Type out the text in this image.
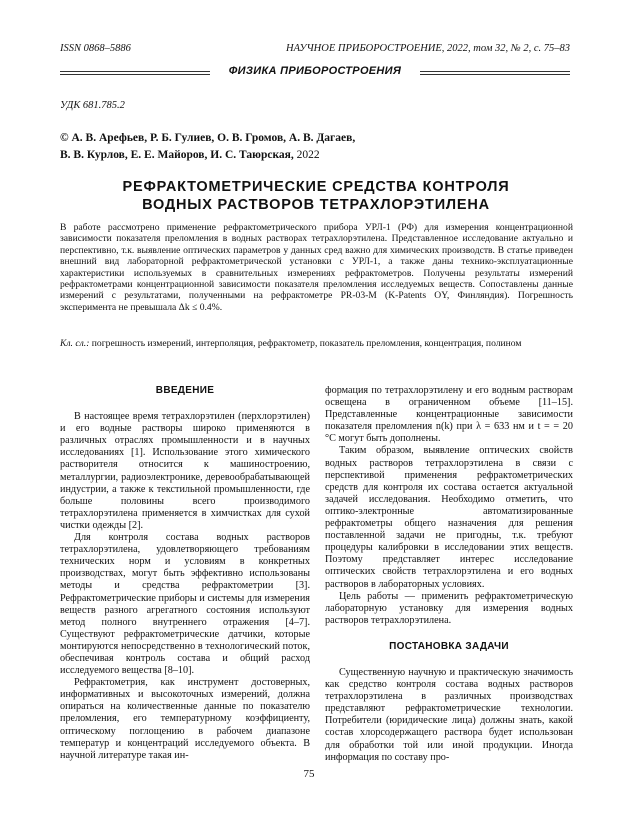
ISSN 0868–5886	НАУЧНОЕ ПРИБОРОСТРОЕНИЕ, 2022, том 32, № 2, с. 75–83
ФИЗИКА ПРИБОРОСТРОЕНИЯ
УДК 681.785.2
© А. В. Арефьев, Р. Б. Гулиев, О. В. Громов, А. В. Дагаев,
В. В. Курлов, Е. Е. Майоров, И. С. Таюрская, 2022
РЕФРАКТОМЕТРИЧЕСКИЕ СРЕДСТВА КОНТРОЛЯ
ВОДНЫХ РАСТВОРОВ ТЕТРАХЛОРЭТИЛЕНА
В работе рассмотрено применение рефрактометрического прибора УРЛ-1 (РФ) для измерения концентрационной зависимости показателя преломления в водных растворах тетрахлорэтилена. Представленное исследование актуально и перспективно, т.к. выявление оптических параметров у данных сред важно для химических производств. В статье приведен внешний вид лабораторной рефрактометрической установки с УРЛ-1, а также даны технико-эксплуатационные характеристики используемых в сравнительных измерениях рефрактометров. Получены результаты измерений рефрактометрами концентрационной зависимости показателя преломления исследуемых веществ. Сопоставлены данные измерений с результатами, полученными на рефрактометре PR-03-M (K-Patents OY, Финляндия). Погрешность эксперимента не превышала Δk ≤ 0.4%.
Кл. сл.: погрешность измерений, интерполяция, рефрактометр, показатель преломления, концентрация, полином
ВВЕДЕНИЕ

В настоящее время тетрахлорэтилен (перхлорэтилен) и его водные растворы широко применяются в различных отраслях промышленности и в научных исследованиях [1]. Использование этого химического растворителя относится к машиностроению, металлургии, радиоэлектронике, деревообрабатывающей индустрии, а также к текстильной промышленности, где больше половины всего производимого тетрахлорэтилена применяется в химчистках для сухой чистки одежды [2].

Для контроля состава водных растворов тетрахлорэтилена, удовлетворяющего требованиям технических норм и условиям в конкретных производствах, могут быть эффективно использованы методы и средства рефрактометрии [3]. Рефрактометрические приборы и системы для измерения веществ разного агрегатного состояния используют метод полного внутреннего отражения [4–7]. Существуют рефрактометрические датчики, которые монтируются непосредственно в технологический поток, обеспечивая контроль состава и общий расход исследуемого вещества [8–10].

Рефрактометрия, как инструмент достоверных, информативных и высокоточных измерений, должна опираться на количественные данные по показателю преломления, его температурному коэффициенту, оптическому поглощению в рабочем диапазоне температур и концентраций исследуемого объекта. В научной литературе такая ин-

формация по тетрахлорэтилену и его водным растворам освещена в ограниченном объеме [11–15]. Представленные концентрационные зависимости показателя преломления n(k) при λ = 633 нм и t = = 20 °C могут быть дополнены.

Таким образом, выявление оптических свойств водных растворов тетрахлорэтилена в связи с перспективой применения рефрактометрических средств для контроля их состава остается актуальной задачей исследования. Необходимо отметить, что оптико-электронные автоматизированные рефрактометры общего назначения для решения поставленной задачи не пригодны, т.к. требуют процедуры калибровки в исследовании этих веществ. Поэтому представляет интерес исследование оптических свойств тетрахлорэтилена и его водных растворов в лабораторных условиях.

Цель работы — применить рефрактометрическую лабораторную установку для измерения водных растворов тетрахлорэтилена.

ПОСТАНОВКА ЗАДАЧИ

Существенную научную и практическую значимость как средство контроля состава водных растворов тетрахлорэтилена в различных производствах представляют рефрактометрические технологии. Потребители (юридические лица) должны знать, какой состав хлорсодержащего раствора будет использован для обработки той или иной продукции. Иногда информация по составу про-

75
